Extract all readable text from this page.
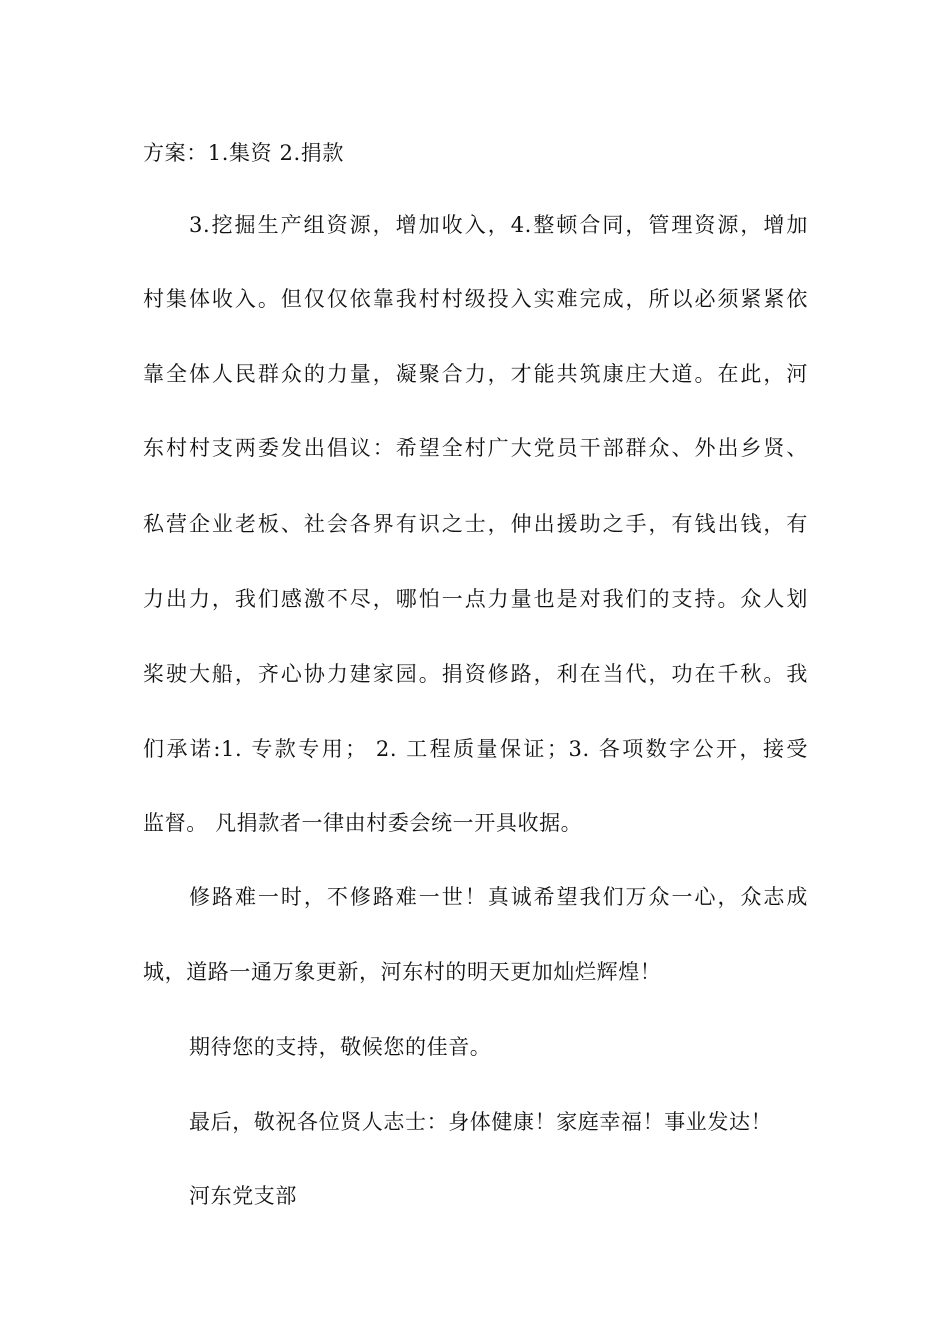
方案：1.集资 2.捐款
3.挖掘生产组资源，增加收入，4.整顿合同，管理资源，增加
村集体收入。但仅仅依靠我村村级投入实难完成，所以必须紧紧依
靠全体人民群众的力量，凝聚合力，才能共筑康庄大道。在此，河
东村村支两委发出倡议：希望全村广大党员干部群众、外出乡贤、
私营企业老板、社会各界有识之士，伸出援助之手，有钱出钱，有
力出力，我们感激不尽，哪怕一点力量也是对我们的支持。众人划
桨驶大船，齐心协力建家园。捐资修路，利在当代，功在千秋。我
们承诺:1. 专款专用； 2. 工程质量保证；3. 各项数字公开，接受
监督。 凡捐款者一律由村委会统一开具收据。
修路难一时，不修路难一世！真诚希望我们万众一心，众志成
城，道路一通万象更新，河东村的明天更加灿烂辉煌！
期待您的支持，敬候您的佳音。
最后，敬祝各位贤人志士：身体健康！家庭幸福！事业发达！
河东党支部
